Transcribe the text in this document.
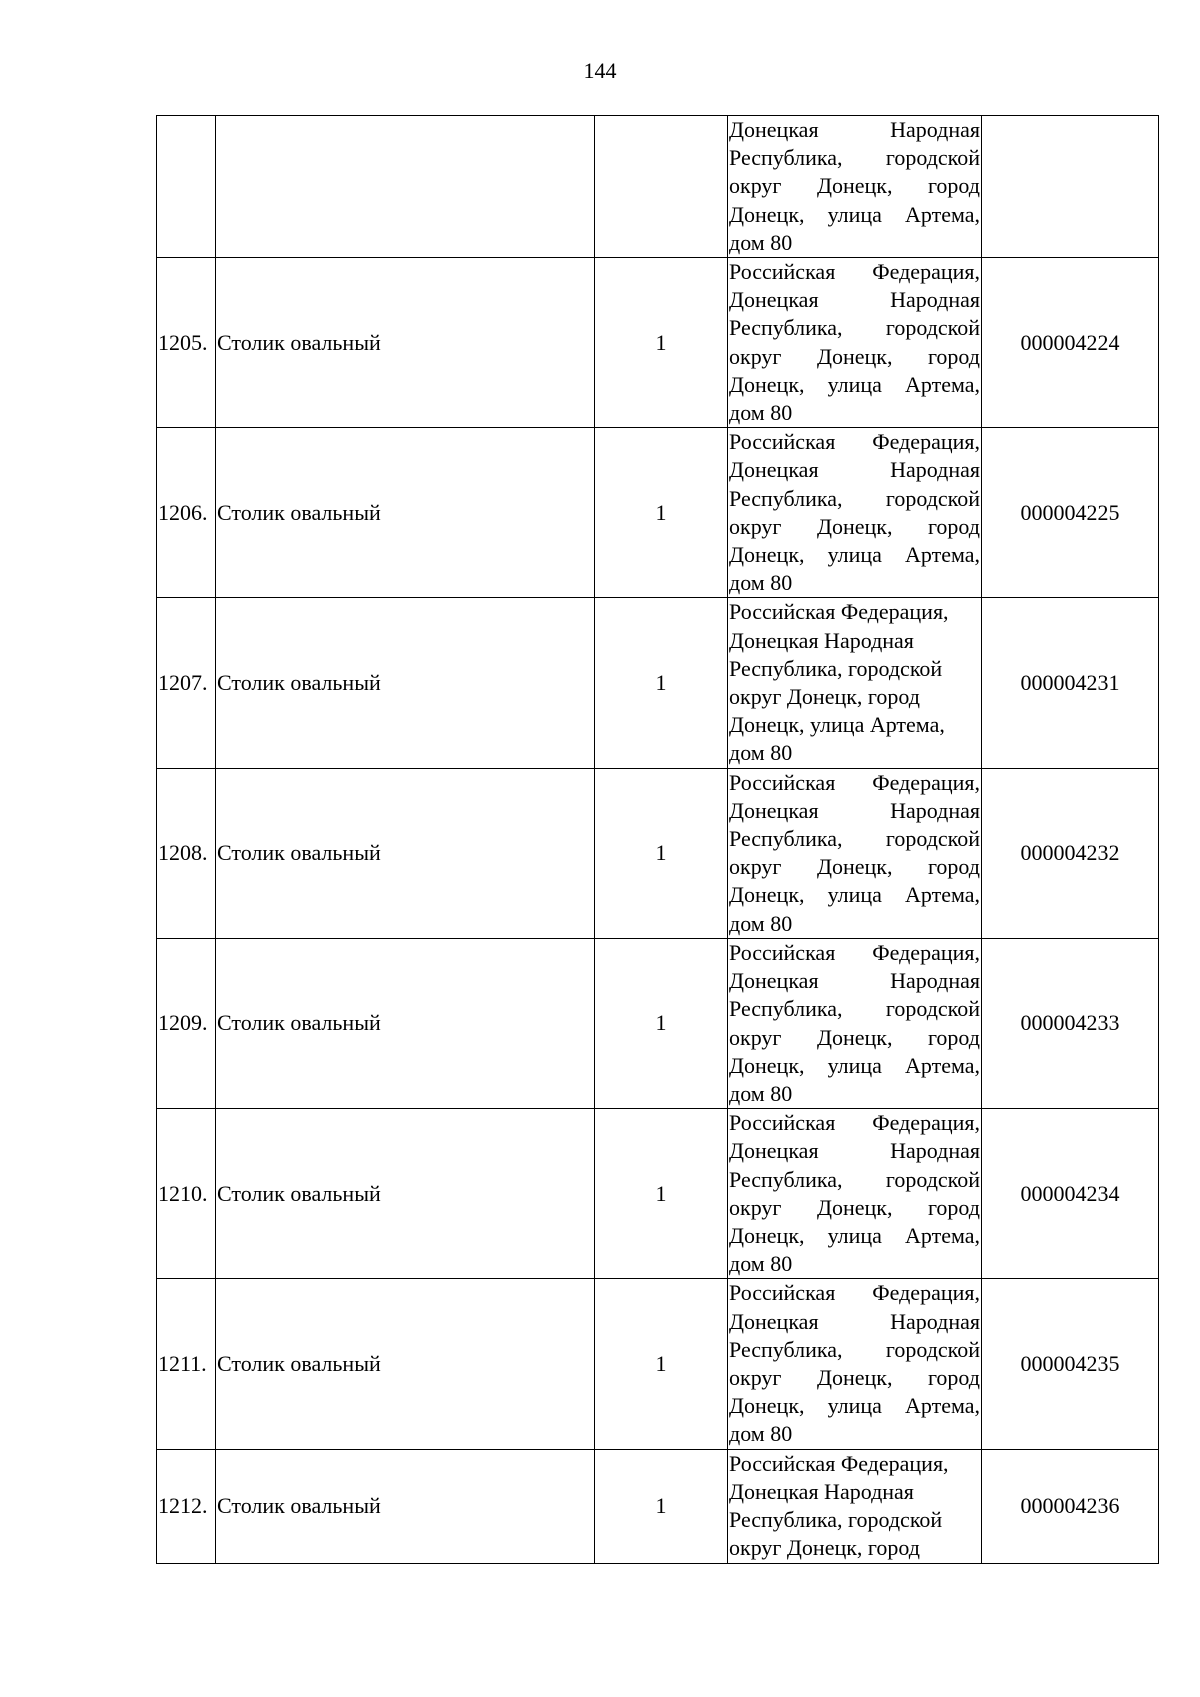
144
			Донецкая Народная Республика, городской округ Донецк, город Донецк, улица Артема, дом 80	
1205.	Столик овальный	1	Российская Федерация, Донецкая Народная Республика, городской округ Донецк, город Донецк, улица Артема, дом 80	000004224
1206.	Столик овальный	1	Российская Федерация, Донецкая Народная Республика, городской округ Донецк, город Донецк, улица Артема, дом 80	000004225
1207.	Столик овальный	1	Российская Федерация, Донецкая Народная Республика, городской округ Донецк, город Донецк, улица Артема, дом 80	000004231
1208.	Столик овальный	1	Российская Федерация, Донецкая Народная Республика, городской округ Донецк, город Донецк, улица Артема, дом 80	000004232
1209.	Столик овальный	1	Российская Федерация, Донецкая Народная Республика, городской округ Донецк, город Донецк, улица Артема, дом 80	000004233
1210.	Столик овальный	1	Российская Федерация, Донецкая Народная Республика, городской округ Донецк, город Донецк, улица Артема, дом 80	000004234
1211.	Столик овальный	1	Российская Федерация, Донецкая Народная Республика, городской округ Донецк, город Донецк, улица Артема, дом 80	000004235
1212.	Столик овальный	1	Российская Федерация, Донецкая Народная Республика, городской округ Донецк, город	000004236
